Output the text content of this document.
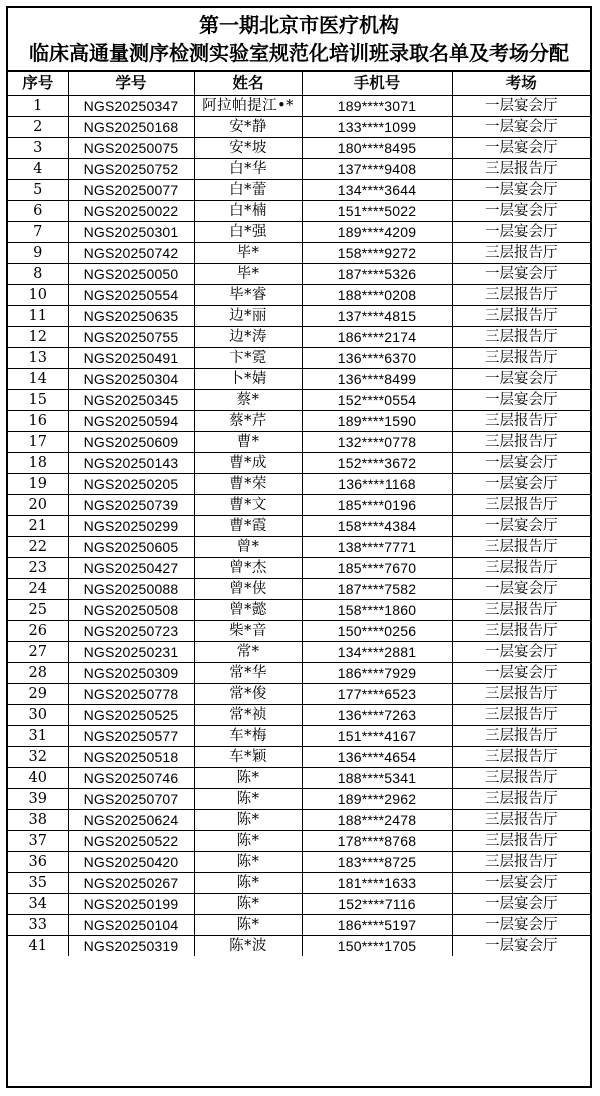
第一期北京市医疗机构
临床高通量测序检测实验室规范化培训班录取名单及考场分配
序号	学号	姓名	手机号	考场
1	NGS20250347	阿拉帕提江•*	189****3071	一层宴会厅
2	NGS20250168	安*静	133****1099	一层宴会厅
3	NGS20250075	安*坡	180****8495	一层宴会厅
4	NGS20250752	白*华	137****9408	三层报告厅
5	NGS20250077	白*蕾	134****3644	一层宴会厅
6	NGS20250022	白*楠	151****5022	一层宴会厅
7	NGS20250301	白*强	189****4209	一层宴会厅
9	NGS20250742	毕*	158****9272	三层报告厅
8	NGS20250050	毕*	187****5326	一层宴会厅
10	NGS20250554	毕*睿	188****0208	三层报告厅
11	NGS20250635	边*丽	137****4815	三层报告厅
12	NGS20250755	边*涛	186****2174	三层报告厅
13	NGS20250491	卞*霓	136****6370	三层报告厅
14	NGS20250304	卜*婧	136****8499	一层宴会厅
15	NGS20250345	蔡*	152****0554	一层宴会厅
16	NGS20250594	蔡*芹	189****1590	三层报告厅
17	NGS20250609	曹*	132****0778	三层报告厅
18	NGS20250143	曹*成	152****3672	一层宴会厅
19	NGS20250205	曹*荣	136****1168	一层宴会厅
20	NGS20250739	曹*文	185****0196	三层报告厅
21	NGS20250299	曹*霞	158****4384	一层宴会厅
22	NGS20250605	曾*	138****7771	三层报告厅
23	NGS20250427	曾*杰	185****7670	三层报告厅
24	NGS20250088	曾*侠	187****7582	一层宴会厅
25	NGS20250508	曾*懿	158****1860	三层报告厅
26	NGS20250723	柴*音	150****0256	三层报告厅
27	NGS20250231	常*	134****2881	一层宴会厅
28	NGS20250309	常*华	186****7929	一层宴会厅
29	NGS20250778	常*俊	177****6523	三层报告厅
30	NGS20250525	常*祯	136****7263	三层报告厅
31	NGS20250577	车*梅	151****4167	三层报告厅
32	NGS20250518	车*颖	136****4654	三层报告厅
40	NGS20250746	陈*	188****5341	三层报告厅
39	NGS20250707	陈*	189****2962	三层报告厅
38	NGS20250624	陈*	188****2478	三层报告厅
37	NGS20250522	陈*	178****8768	三层报告厅
36	NGS20250420	陈*	183****8725	三层报告厅
35	NGS20250267	陈*	181****1633	一层宴会厅
34	NGS20250199	陈*	152****7116	一层宴会厅
33	NGS20250104	陈*	186****5197	一层宴会厅
41	NGS20250319	陈*波	150****1705	一层宴会厅
